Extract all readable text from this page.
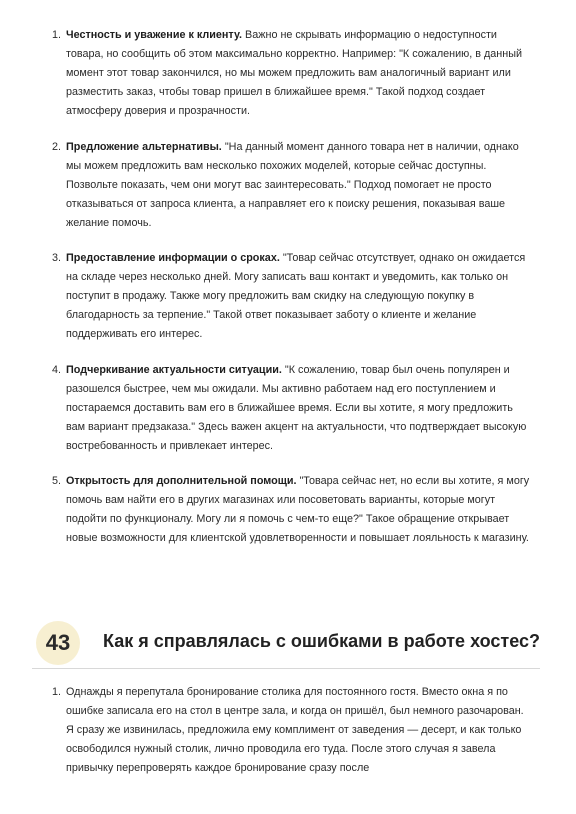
1. Честность и уважение к клиенту. Важно не скрывать информацию о недоступности товара, но сообщить об этом максимально корректно. Например: "К сожалению, в данный момент этот товар закончился, но мы можем предложить вам аналогичный вариант или разместить заказ, чтобы товар пришел в ближайшее время." Такой подход создает атмосферу доверия и прозрачности.

2. Предложение альтернативы. "На данный момент данного товара нет в наличии, однако мы можем предложить вам несколько похожих моделей, которые сейчас доступны. Позвольте показать, чем они могут вас заинтересовать." Подход помогает не просто отказываться от запроса клиента, а направляет его к поиску решения, показывая ваше желание помочь.

3. Предоставление информации о сроках. "Товар сейчас отсутствует, однако он ожидается на складе через несколько дней. Могу записать ваш контакт и уведомить, как только он поступит в продажу. Также могу предложить вам скидку на следующую покупку в благодарность за терпение." Такой ответ показывает заботу о клиенте и желание поддерживать его интерес.

4. Подчеркивание актуальности ситуации. "К сожалению, товар был очень популярен и разошелся быстрее, чем мы ожидали. Мы активно работаем над его поступлением и постараемся доставить вам его в ближайшее время. Если вы хотите, я могу предложить вам вариант предзаказа." Здесь важен акцент на актуальности, что подтверждает высокую востребованность и привлекает интерес.

5. Открытость для дополнительной помощи. "Товара сейчас нет, но если вы хотите, я могу помочь вам найти его в других магазинах или посоветовать варианты, которые могут подойти по функционалу. Могу ли я помочь с чем-то еще?" Такое обращение открывает новые возможности для клиентской удовлетворенности и повышает лояльность к магазину.

43 Как я справлялась с ошибками в работе хостес?
1. Однажды я перепутала бронирование столика для постоянного гостя. Вместо окна я по ошибке записала его на стол в центре зала, и когда он пришёл, был немного разочарован. Я сразу же извинилась, предложила ему комплимент от заведения — десерт, и как только освободился нужный столик, лично проводила его туда. После этого случая я завела привычку перепроверять каждое бронирование сразу после
